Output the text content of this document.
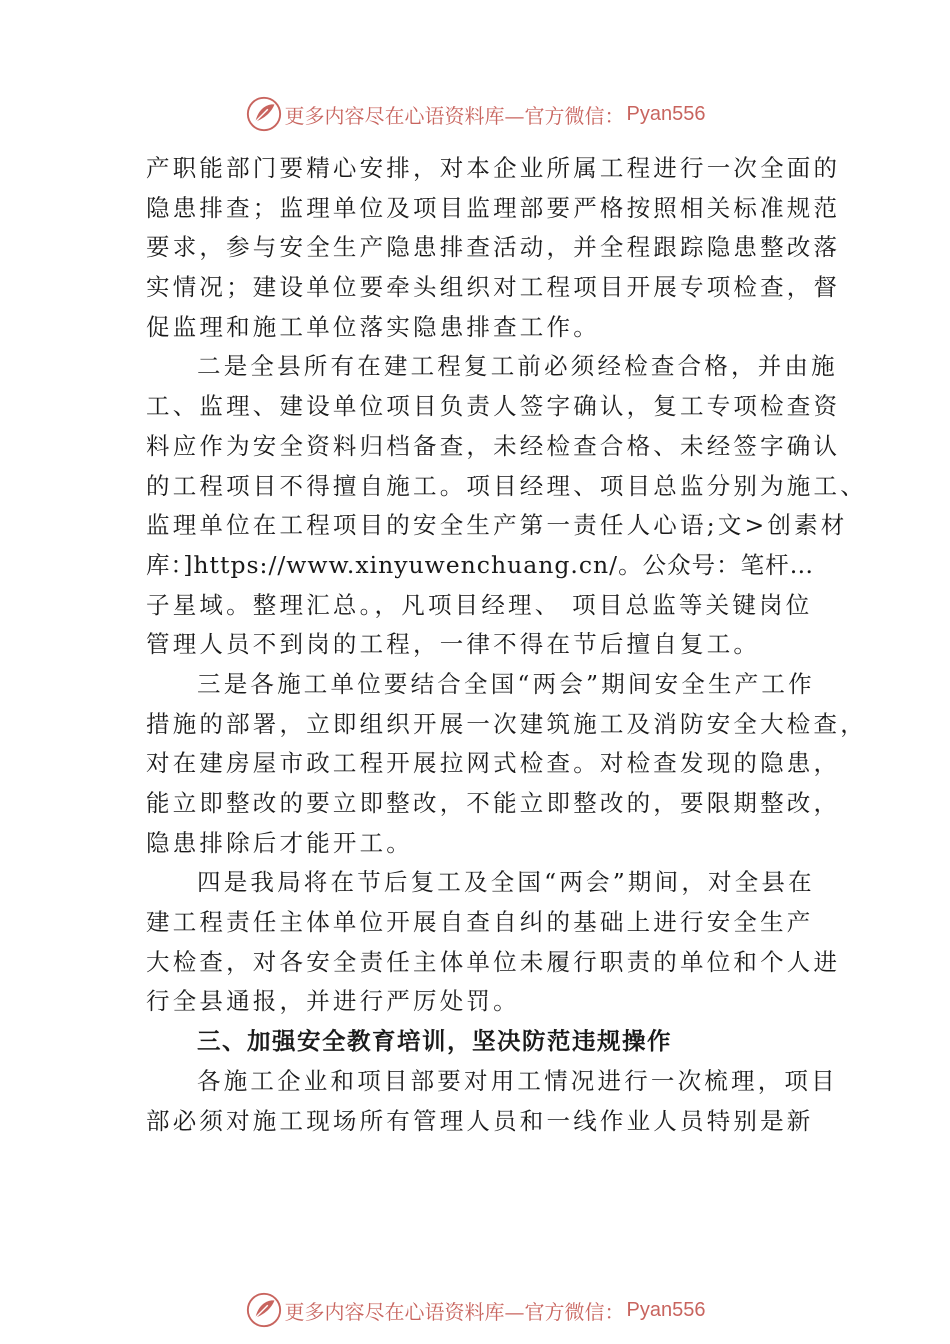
更多内容尽在心语资料库—官方微信： Pyan556
产职能部门要精心安排，对本企业所属工程进行一次全面的
隐患排查；监理单位及项目监理部要严格按照相关标准规范
要求，参与安全生产隐患排查活动，并全程跟踪隐患整改落
实情况；建设单位要牵头组织对工程项目开展专项检查，督
促监理和施工单位落实隐患排查工作。
二是全县所有在建工程复工前必须经检查合格，并由施
工、监理、建设单位项目负责人签字确认，复工专项检查资
料应作为安全资料归档备查，未经检查合格、未经签字确认
的工程项目不得擅自施工。项目经理、项目总监分别为施工、
监理单位在工程项目的安全生产第一责任人心语;文>创素材
库：]https://www.xinyuwenchuang.cn/。公众号：笔杆…
子星域。整理汇总。，凡项目经理、 项目总监等关键岗位
管理人员不到岗的工程，一律不得在节后擅自复工。
三是各施工单位要结合全国“两会”期间安全生产工作
措施的部署，立即组织开展一次建筑施工及消防安全大检查，
对在建房屋市政工程开展拉网式检查。对检查发现的隐患，
能立即整改的要立即整改，不能立即整改的，要限期整改，
隐患排除后才能开工。
四是我局将在节后复工及全国“两会”期间，对全县在
建工程责任主体单位开展自查自纠的基础上进行安全生产
大检查，对各安全责任主体单位未履行职责的单位和个人进
行全县通报，并进行严厉处罚。
三、加强安全教育培训，坚决防范违规操作
各施工企业和项目部要对用工情况进行一次梳理，项目
部必须对施工现场所有管理人员和一线作业人员特别是新
更多内容尽在心语资料库—官方微信： Pyan556
